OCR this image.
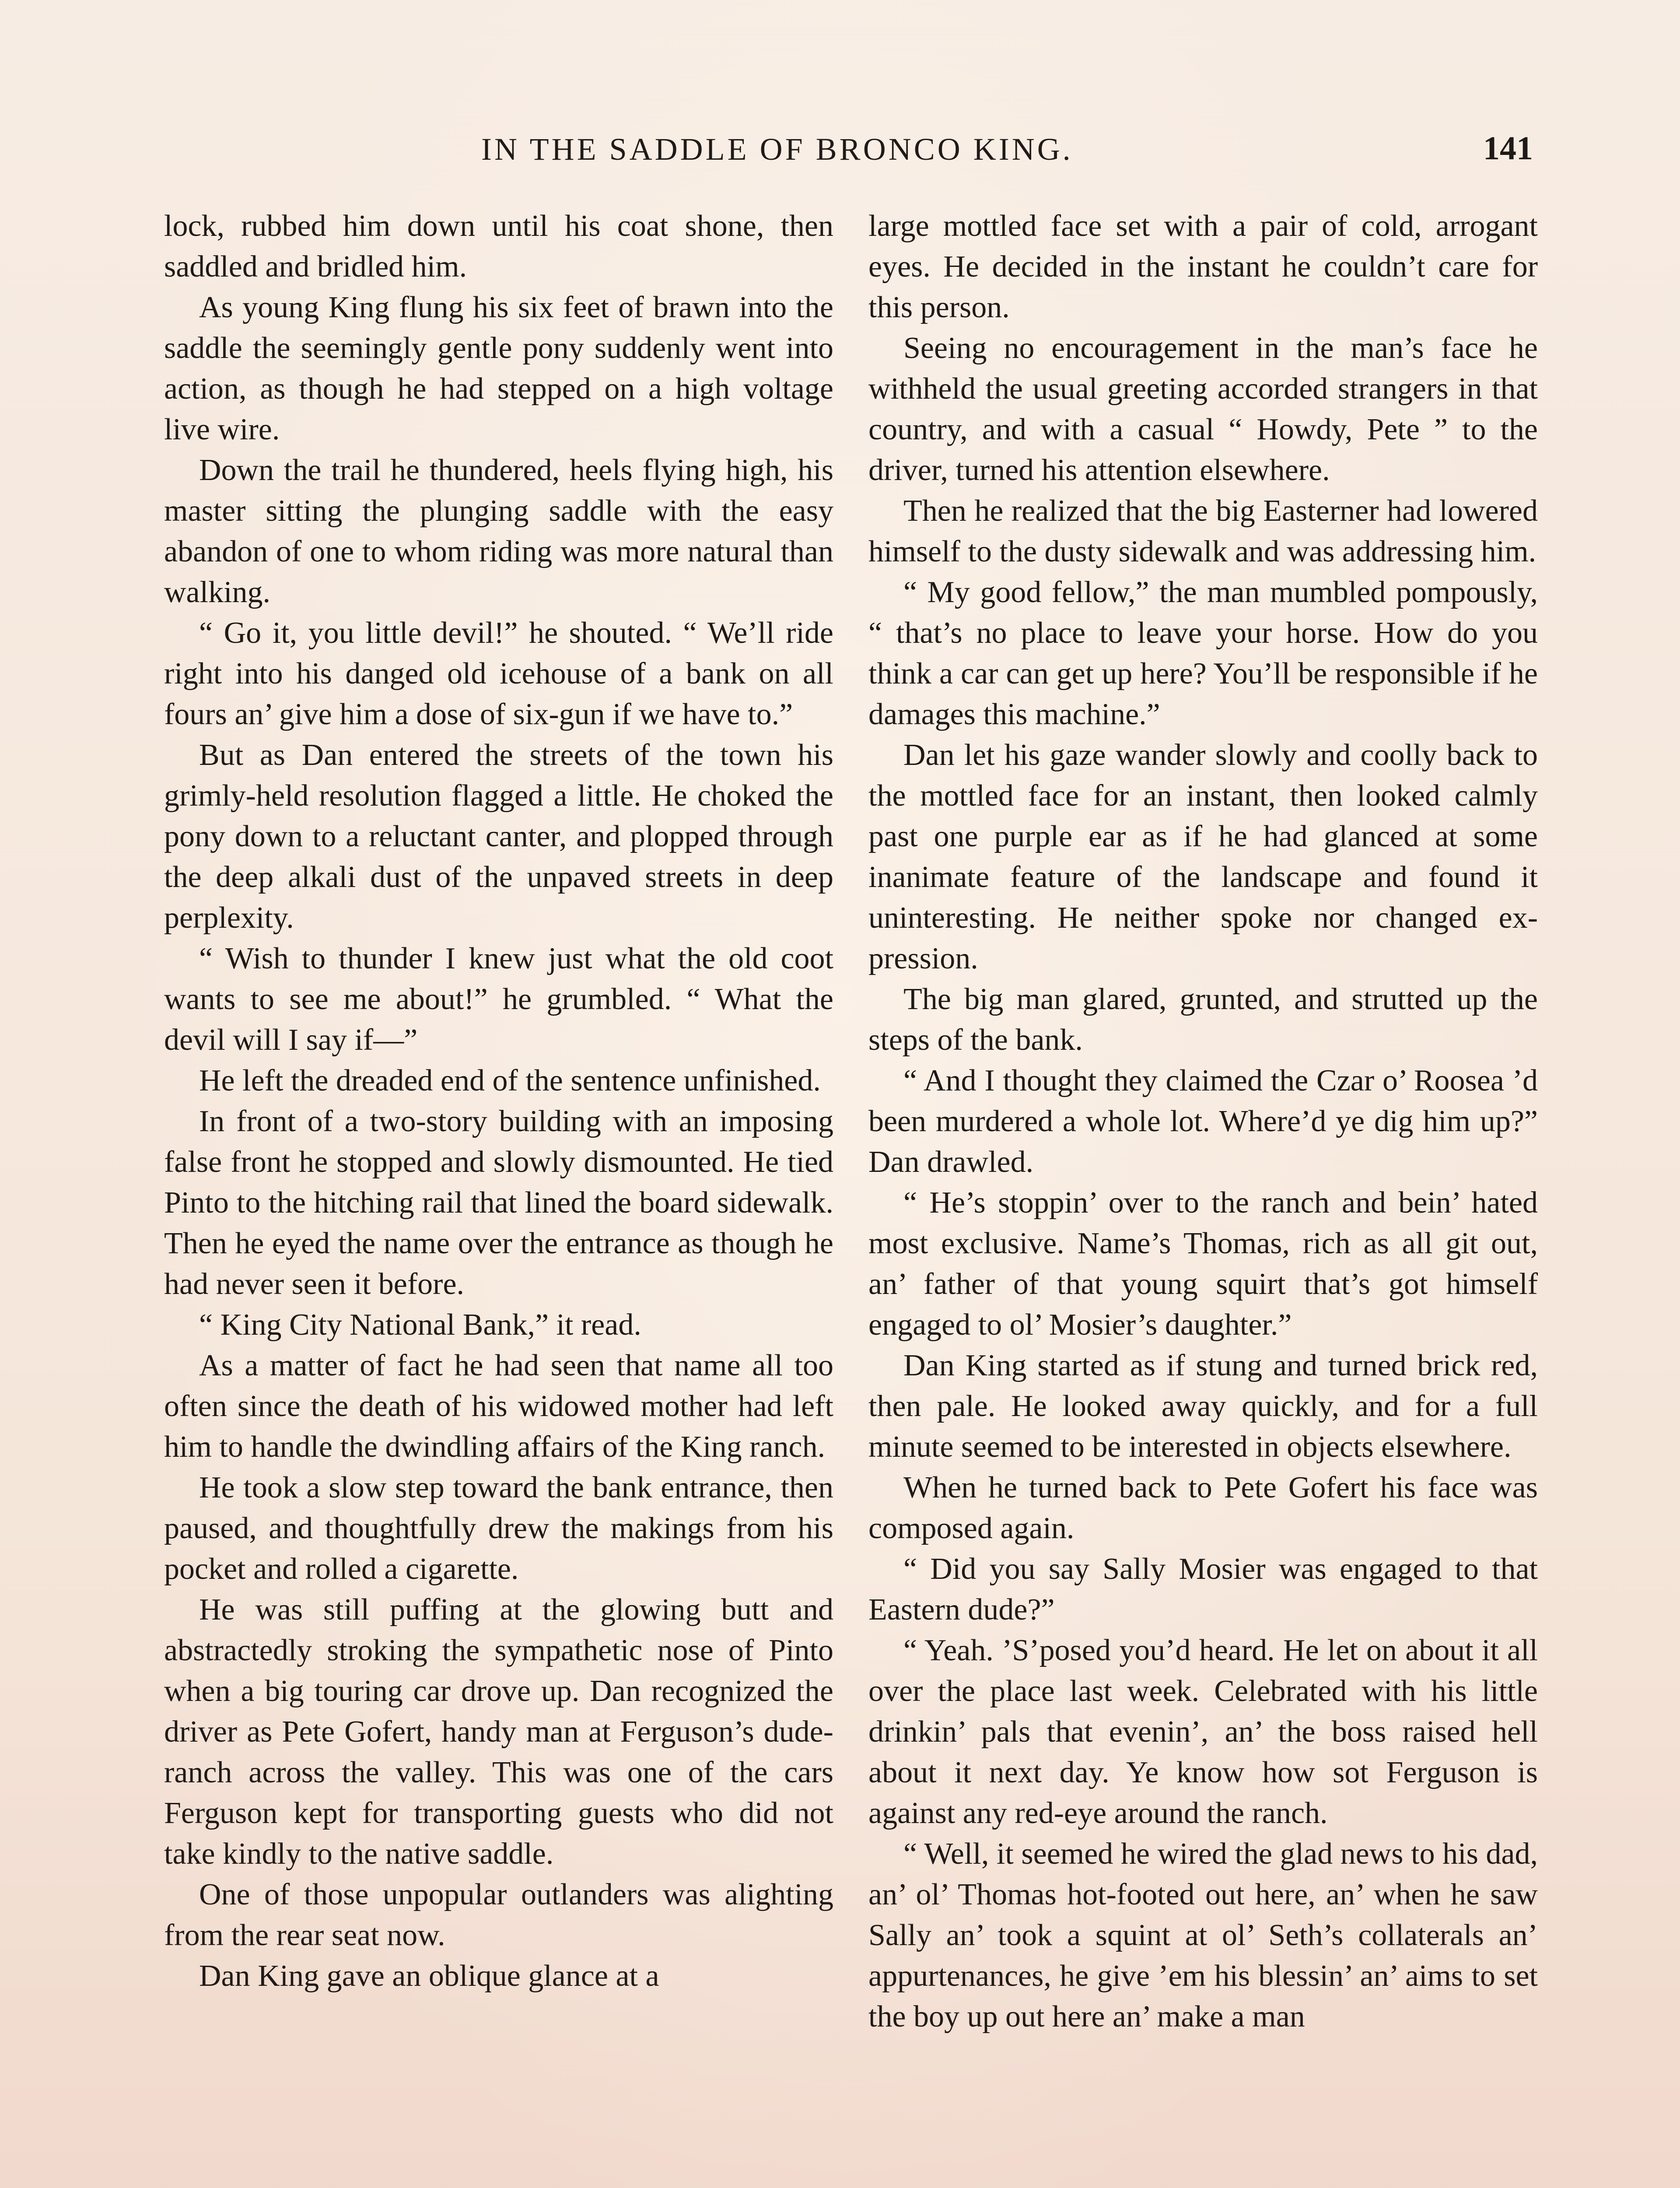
IN THE SADDLE OF BRONCO KING.	141

lock, rubbed him down until his coat shone, then saddled and bridled him.

As young King flung his six feet of brawn into the saddle the seemingly gentle pony suddenly went into action, as though he had stepped on a high voltage live wire.

Down the trail he thundered, heels flying high, his master sitting the plunging saddle with the easy abandon of one to whom riding was more natural than walking.

“ Go it, you little devil!” he shouted. “ We’ll ride right into his danged old icehouse of a bank on all fours an’ give him a dose of six-gun if we have to.”

But as Dan entered the streets of the town his grimly-held resolution flagged a little. He choked the pony down to a reluctant canter, and plopped through the deep alkali dust of the unpaved streets in deep perplexity.

“ Wish to thunder I knew just what the old coot wants to see me about!” he grumbled. “ What the devil will I say if—”

He left the dreaded end of the sentence unfinished.

In front of a two-story building with an imposing false front he stopped and slowly dismounted. He tied Pinto to the hitching rail that lined the board sidewalk. Then he eyed the name over the entrance as though he had never seen it before.

“ King City National Bank,” it read.

As a matter of fact he had seen that name all too often since the death of his widowed mother had left him to handle the dwindling affairs of the King ranch.

He took a slow step toward the bank entrance, then paused, and thoughtfully drew the makings from his pocket and rolled a cigarette.

He was still puffing at the glowing butt and abstractedly stroking the sympathetic nose of Pinto when a big touring car drove up. Dan recognized the driver as Pete Gofert, handy man at Ferguson’s dude-ranch across the valley. This was one of the cars Ferguson kept for transporting guests who did not take kindly to the native saddle.

One of those unpopular outlanders was alighting from the rear seat now.

Dan King gave an oblique glance at a

large mottled face set with a pair of cold, arrogant eyes. He decided in the instant he couldn’t care for this person.

Seeing no encouragement in the man’s face he withheld the usual greeting accorded strangers in that country, and with a casual “ Howdy, Pete ” to the driver, turned his attention elsewhere.

Then he realized that the big Easterner had lowered himself to the dusty sidewalk and was addressing him.

“ My good fellow,” the man mumbled pompously, “ that’s no place to leave your horse. How do you think a car can get up here? You’ll be responsible if he damages this machine.”

Dan let his gaze wander slowly and coolly back to the mottled face for an instant, then looked calmly past one purple ear as if he had glanced at some inanimate feature of the landscape and found it uninteresting. He neither spoke nor changed expression.

The big man glared, grunted, and strutted up the steps of the bank.

“ And I thought they claimed the Czar o’ Roosea ’d been murdered a whole lot. Where’d ye dig him up?” Dan drawled.

“ He’s stoppin’ over to the ranch and bein’ hated most exclusive. Name’s Thomas, rich as all git out, an’ father of that young squirt that’s got himself engaged to ol’ Mosier’s daughter.”

Dan King started as if stung and turned brick red, then pale. He looked away quickly, and for a full minute seemed to be interested in objects elsewhere.

When he turned back to Pete Gofert his face was composed again.

“ Did you say Sally Mosier was engaged to that Eastern dude?”

“ Yeah. ’S’posed you’d heard. He let on about it all over the place last week. Celebrated with his little drinkin’ pals that evenin’, an’ the boss raised hell about it next day. Ye know how sot Ferguson is against any red-eye around the ranch.

“ Well, it seemed he wired the glad news to his dad, an’ ol’ Thomas hot-footed out here, an’ when he saw Sally an’ took a squint at ol’ Seth’s collaterals an’ appurtenances, he give ’em his blessin’ an’ aims to set the boy up out here an’ make a man
